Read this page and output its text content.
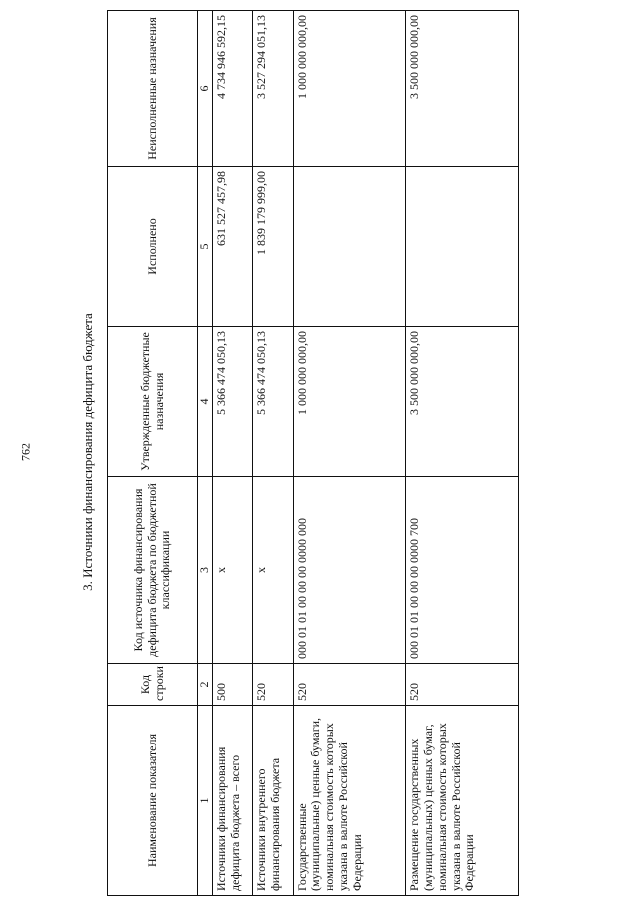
762	3. Источники финансирования дефицита бюджета
Наименование показателя	Код строки	Код источника финансирования дефицита бюджета по бюджетной классификации	Утвержденные бюджетные назначения	Исполнено	Неисполненные назначения
1	2	3	4	5	6
Источники финансирования дефицита бюджета – всего	500	х	5 366 474 050,13	631 527 457,98	4 734 946 592,15
Источники внутреннего финансирования бюджета	520	х	5 366 474 050,13	1 839 179 999,00	3 527 294 051,13
Государственные (муниципальные) ценные бумаги, номинальная стоимость которых указана в валюте Российской Федерации	520	000 01 01 00 00 00 0000 000	1 000 000 000,00		1 000 000 000,00
Размещение государственных (муниципальных) ценных бумаг, номинальная стоимость которых указана в валюте Российской Федерации	520	000 01 01 00 00 00 0000 700	3 500 000 000,00		3 500 000 000,00
